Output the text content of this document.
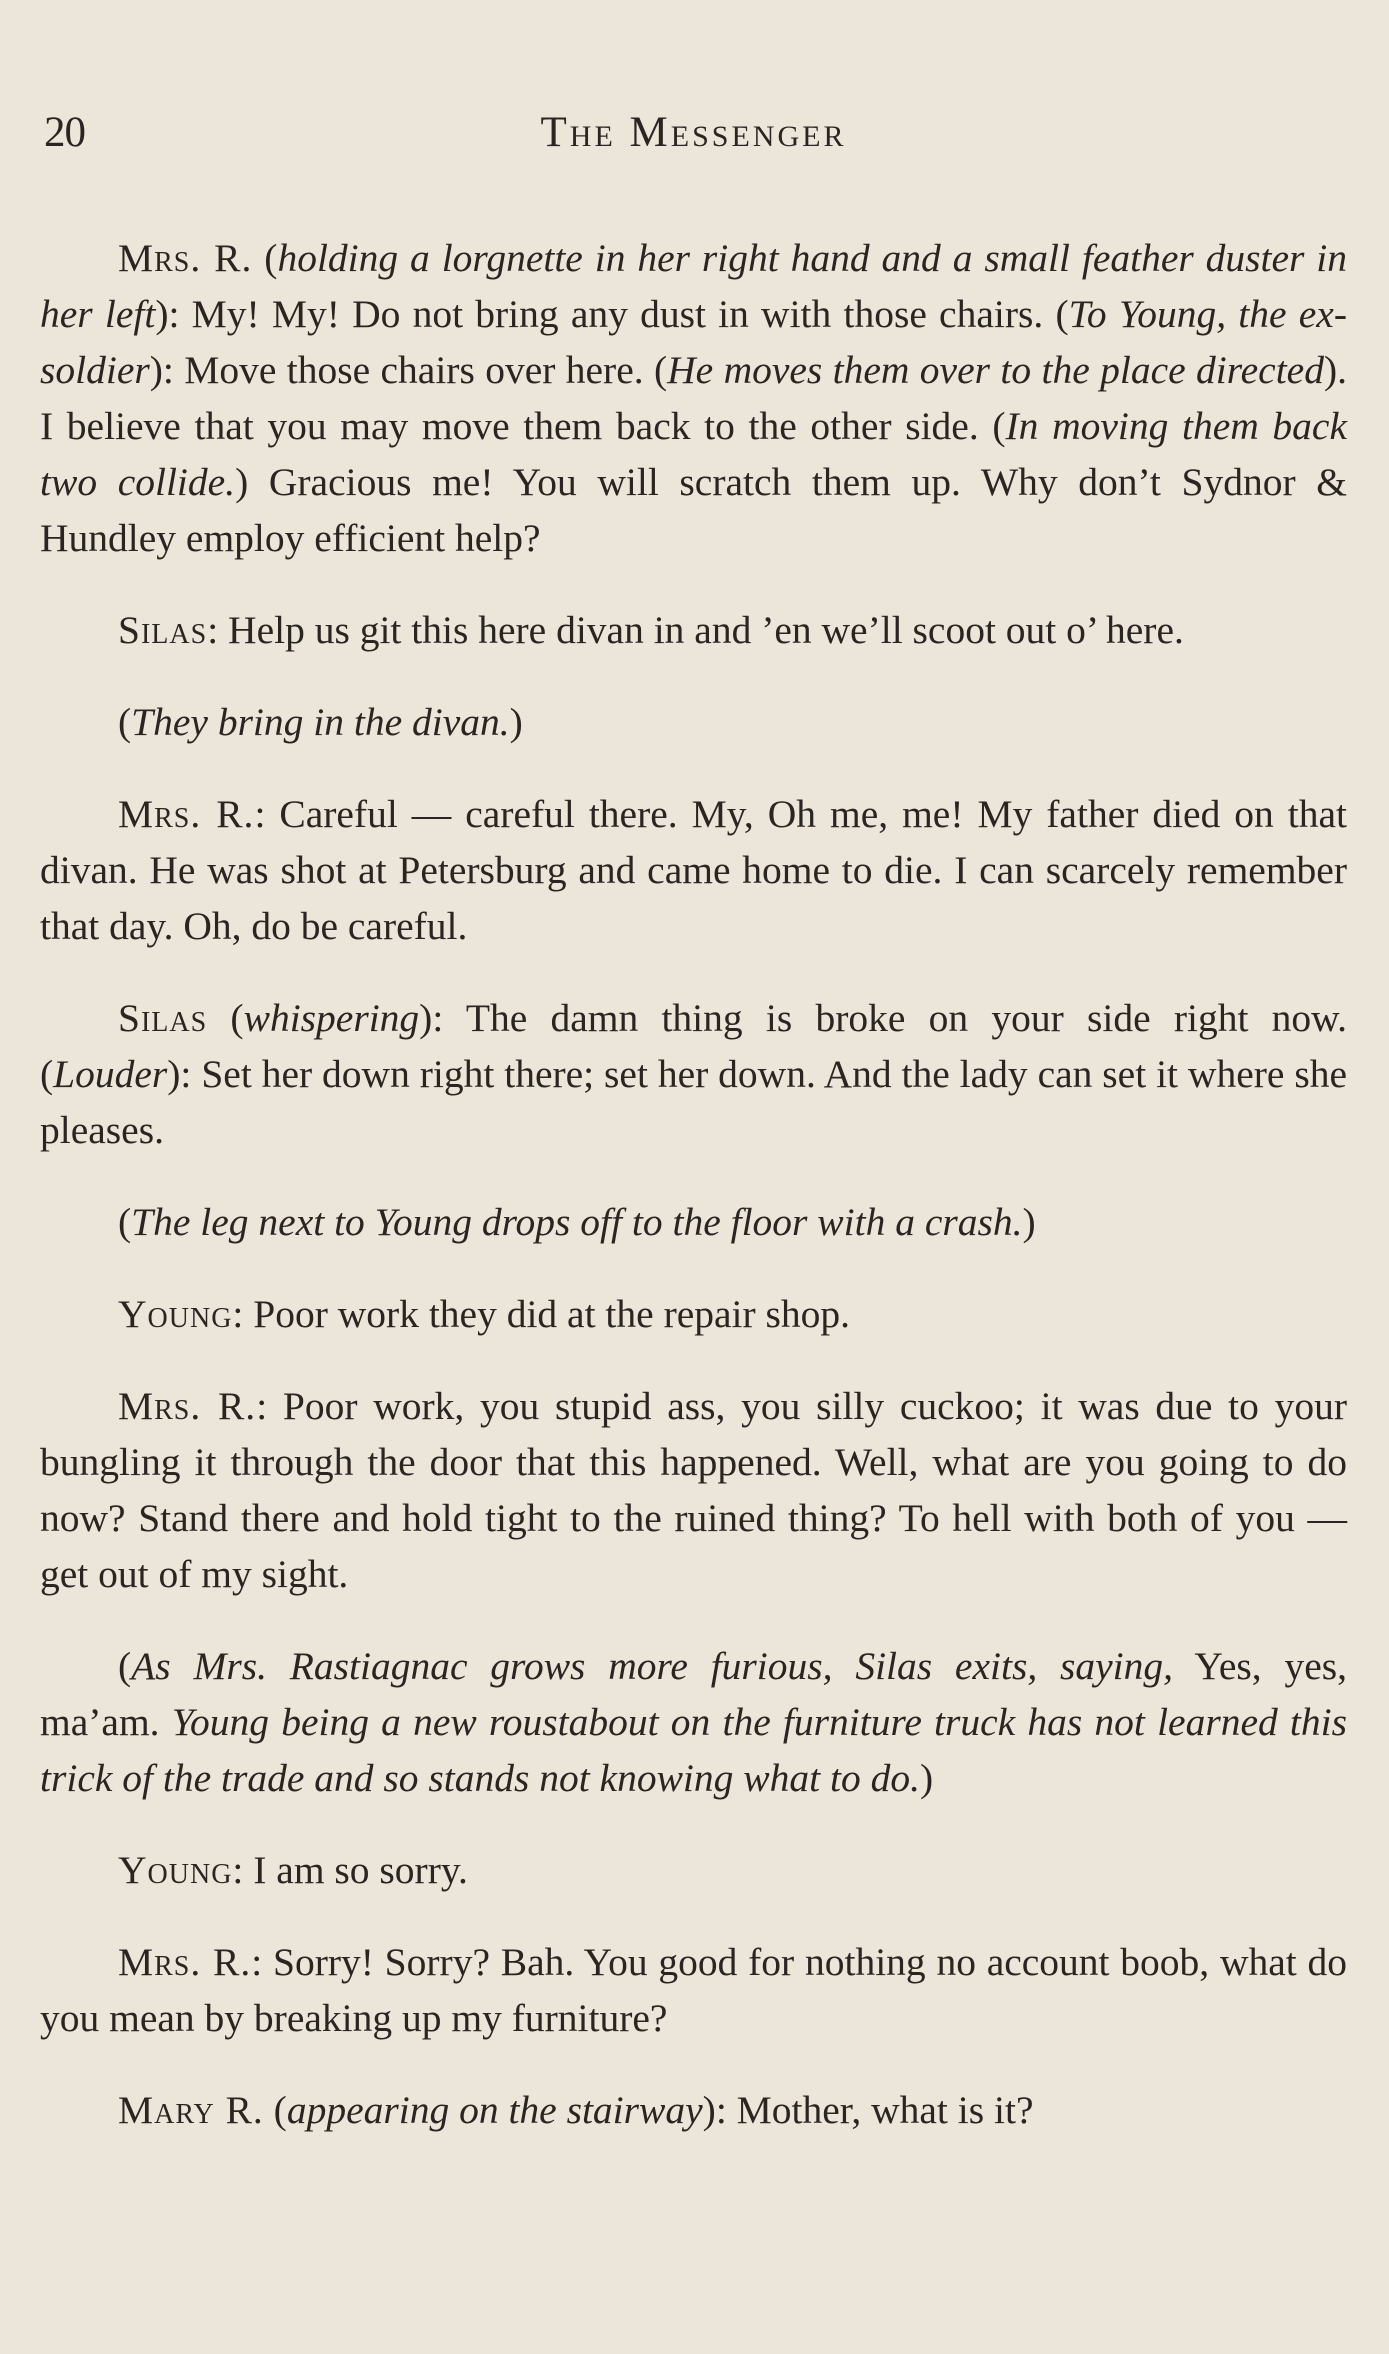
20	The Messenger

Mrs. R. (holding a lorgnette in her right hand and a small feather duster in her left): My! My! Do not bring any dust in with those chairs. (To Young, the ex-soldier): Move those chairs over here. (He moves them over to the place directed). I believe that you may move them back to the other side. (In moving them back two collide.) Gracious me! You will scratch them up. Why don’t Sydnor & Hundley employ efficient help?

Silas: Help us git this here divan in and ’en we’ll scoot out o’ here.

(They bring in the divan.)

Mrs. R.: Careful — careful there. My, Oh me, me! My father died on that divan. He was shot at Petersburg and came home to die. I can scarcely remember that day. Oh, do be careful.

Silas (whispering): The damn thing is broke on your side right now. (Louder): Set her down right there; set her down. And the lady can set it where she pleases.

(The leg next to Young drops off to the floor with a crash.)

Young: Poor work they did at the repair shop.

Mrs. R.: Poor work, you stupid ass, you silly cuckoo; it was due to your bungling it through the door that this happened. Well, what are you going to do now? Stand there and hold tight to the ruined thing? To hell with both of you — get out of my sight.

(As Mrs. Rastiagnac grows more furious, Silas exits, saying, Yes, yes, ma’am. Young being a new roustabout on the furniture truck has not learned this trick of the trade and so stands not knowing what to do.)

Young: I am so sorry.

Mrs. R.: Sorry! Sorry? Bah. You good for nothing no account boob, what do you mean by breaking up my furniture?

Mary R. (appearing on the stairway): Mother, what is it?
